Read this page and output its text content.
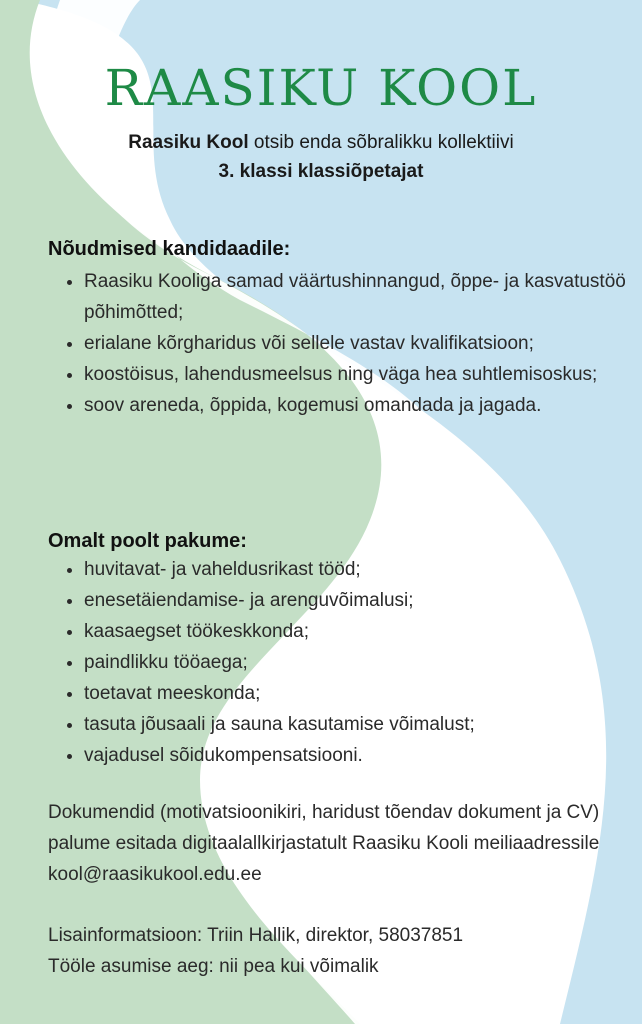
RAASIKU KOOL
Raasiku Kool otsib enda sõbralikku kollektiivi
3. klassi klassiõpetajat
Nõudmised kandidaadile:
• Raasiku Kooliga samad väärtushinnangud, õppe- ja kasvatustöö põhimõtted;
• erialane kõrgharidus või sellele vastav kvalifikatsioon;
• koostöisus, lahendusmeelsus ning väga hea suhtlemisoskus;
• soov areneda, õppida, kogemusi omandada ja jagada.
Omalt poolt pakume:
• huvitavat- ja vaheldusrikast tööd;
• enesetäiendamise- ja arenguvõimalusi;
• kaasaegset töökeskkonda;
• paindlikku tööaega;
• toetavat meeskonda;
• tasuta jõusaali ja sauna kasutamise võimalust;
• vajadusel sõidukompensatsiooni.
Dokumendid (motivatsioonikiri, haridust tõendav dokument ja CV) palume esitada digitaalallkirjastatult Raasiku Kooli meiliaadressile kool@raasikukool.edu.ee
Lisainformatsioon: Triin Hallik, direktor, 58037851
Tööle asumise aeg: nii pea kui võimalik
